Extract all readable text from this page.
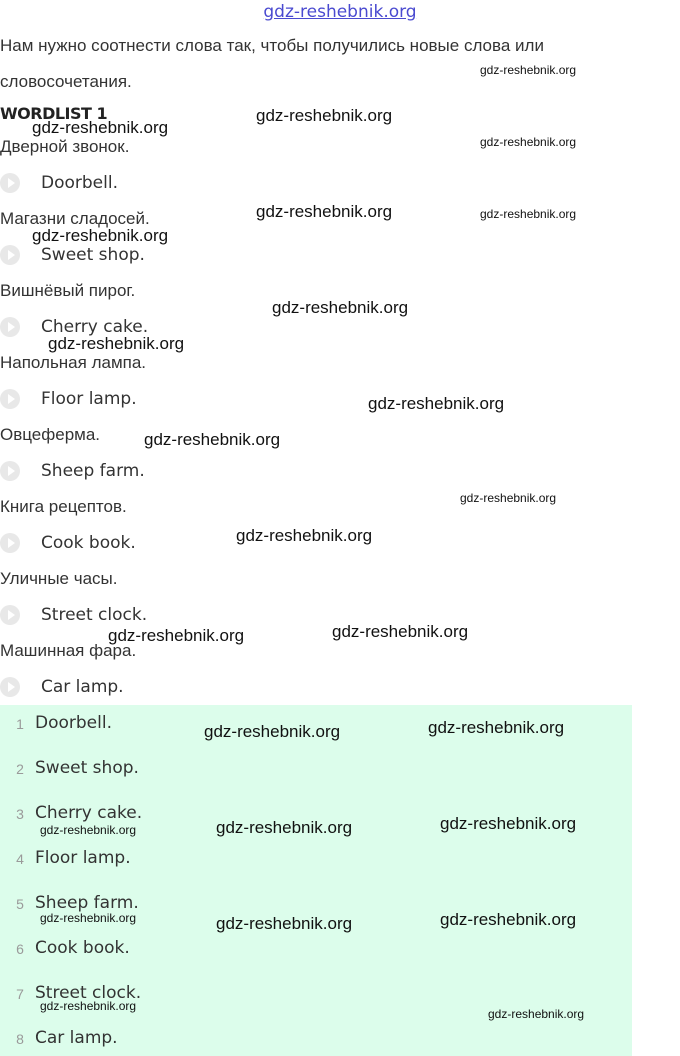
gdz-reshebnik.org
Нам нужно соотнести слова так, чтобы получились новые слова или словосочетания.
WORDLIST 1
Дверной звонок.
Doorbell.
Магазни сладосей.
Sweet shop.
Вишнёвый пирог.
Cherry cake.
Напольная лампа.
Floor lamp.
Овцеферма.
Sheep farm.
Книга рецептов.
Cook book.
Уличные часы.
Street clock.
Машинная фара.
Car lamp.
1 Doorbell.
2 Sweet shop.
3 Cherry cake.
4 Floor lamp.
5 Sheep farm.
6 Cook book.
7 Street clock.
8 Car lamp.
gdz-reshebnik.org
gdz-reshebnik.org
gdz-reshebnik.org
gdz-reshebnik.org
gdz-reshebnik.org	gdz-reshebnik.org
gdz-reshebnik.org
gdz-reshebnik.org
gdz-reshebnik.org
gdz-reshebnik.org
gdz-reshebnik.org
gdz-reshebnik.org
gdz-reshebnik.org
gdz-reshebnik.org
gdz-reshebnik.org
gdz-reshebnik.org
gdz-reshebnik.org
gdz-reshebnik.org
gdz-reshebnik.org
gdz-reshebnik.org
gdz-reshebnik.org	gdz-reshebnik.org
gdz-reshebnik.org
gdz-reshebnik.org
gdz-reshebnik.org
